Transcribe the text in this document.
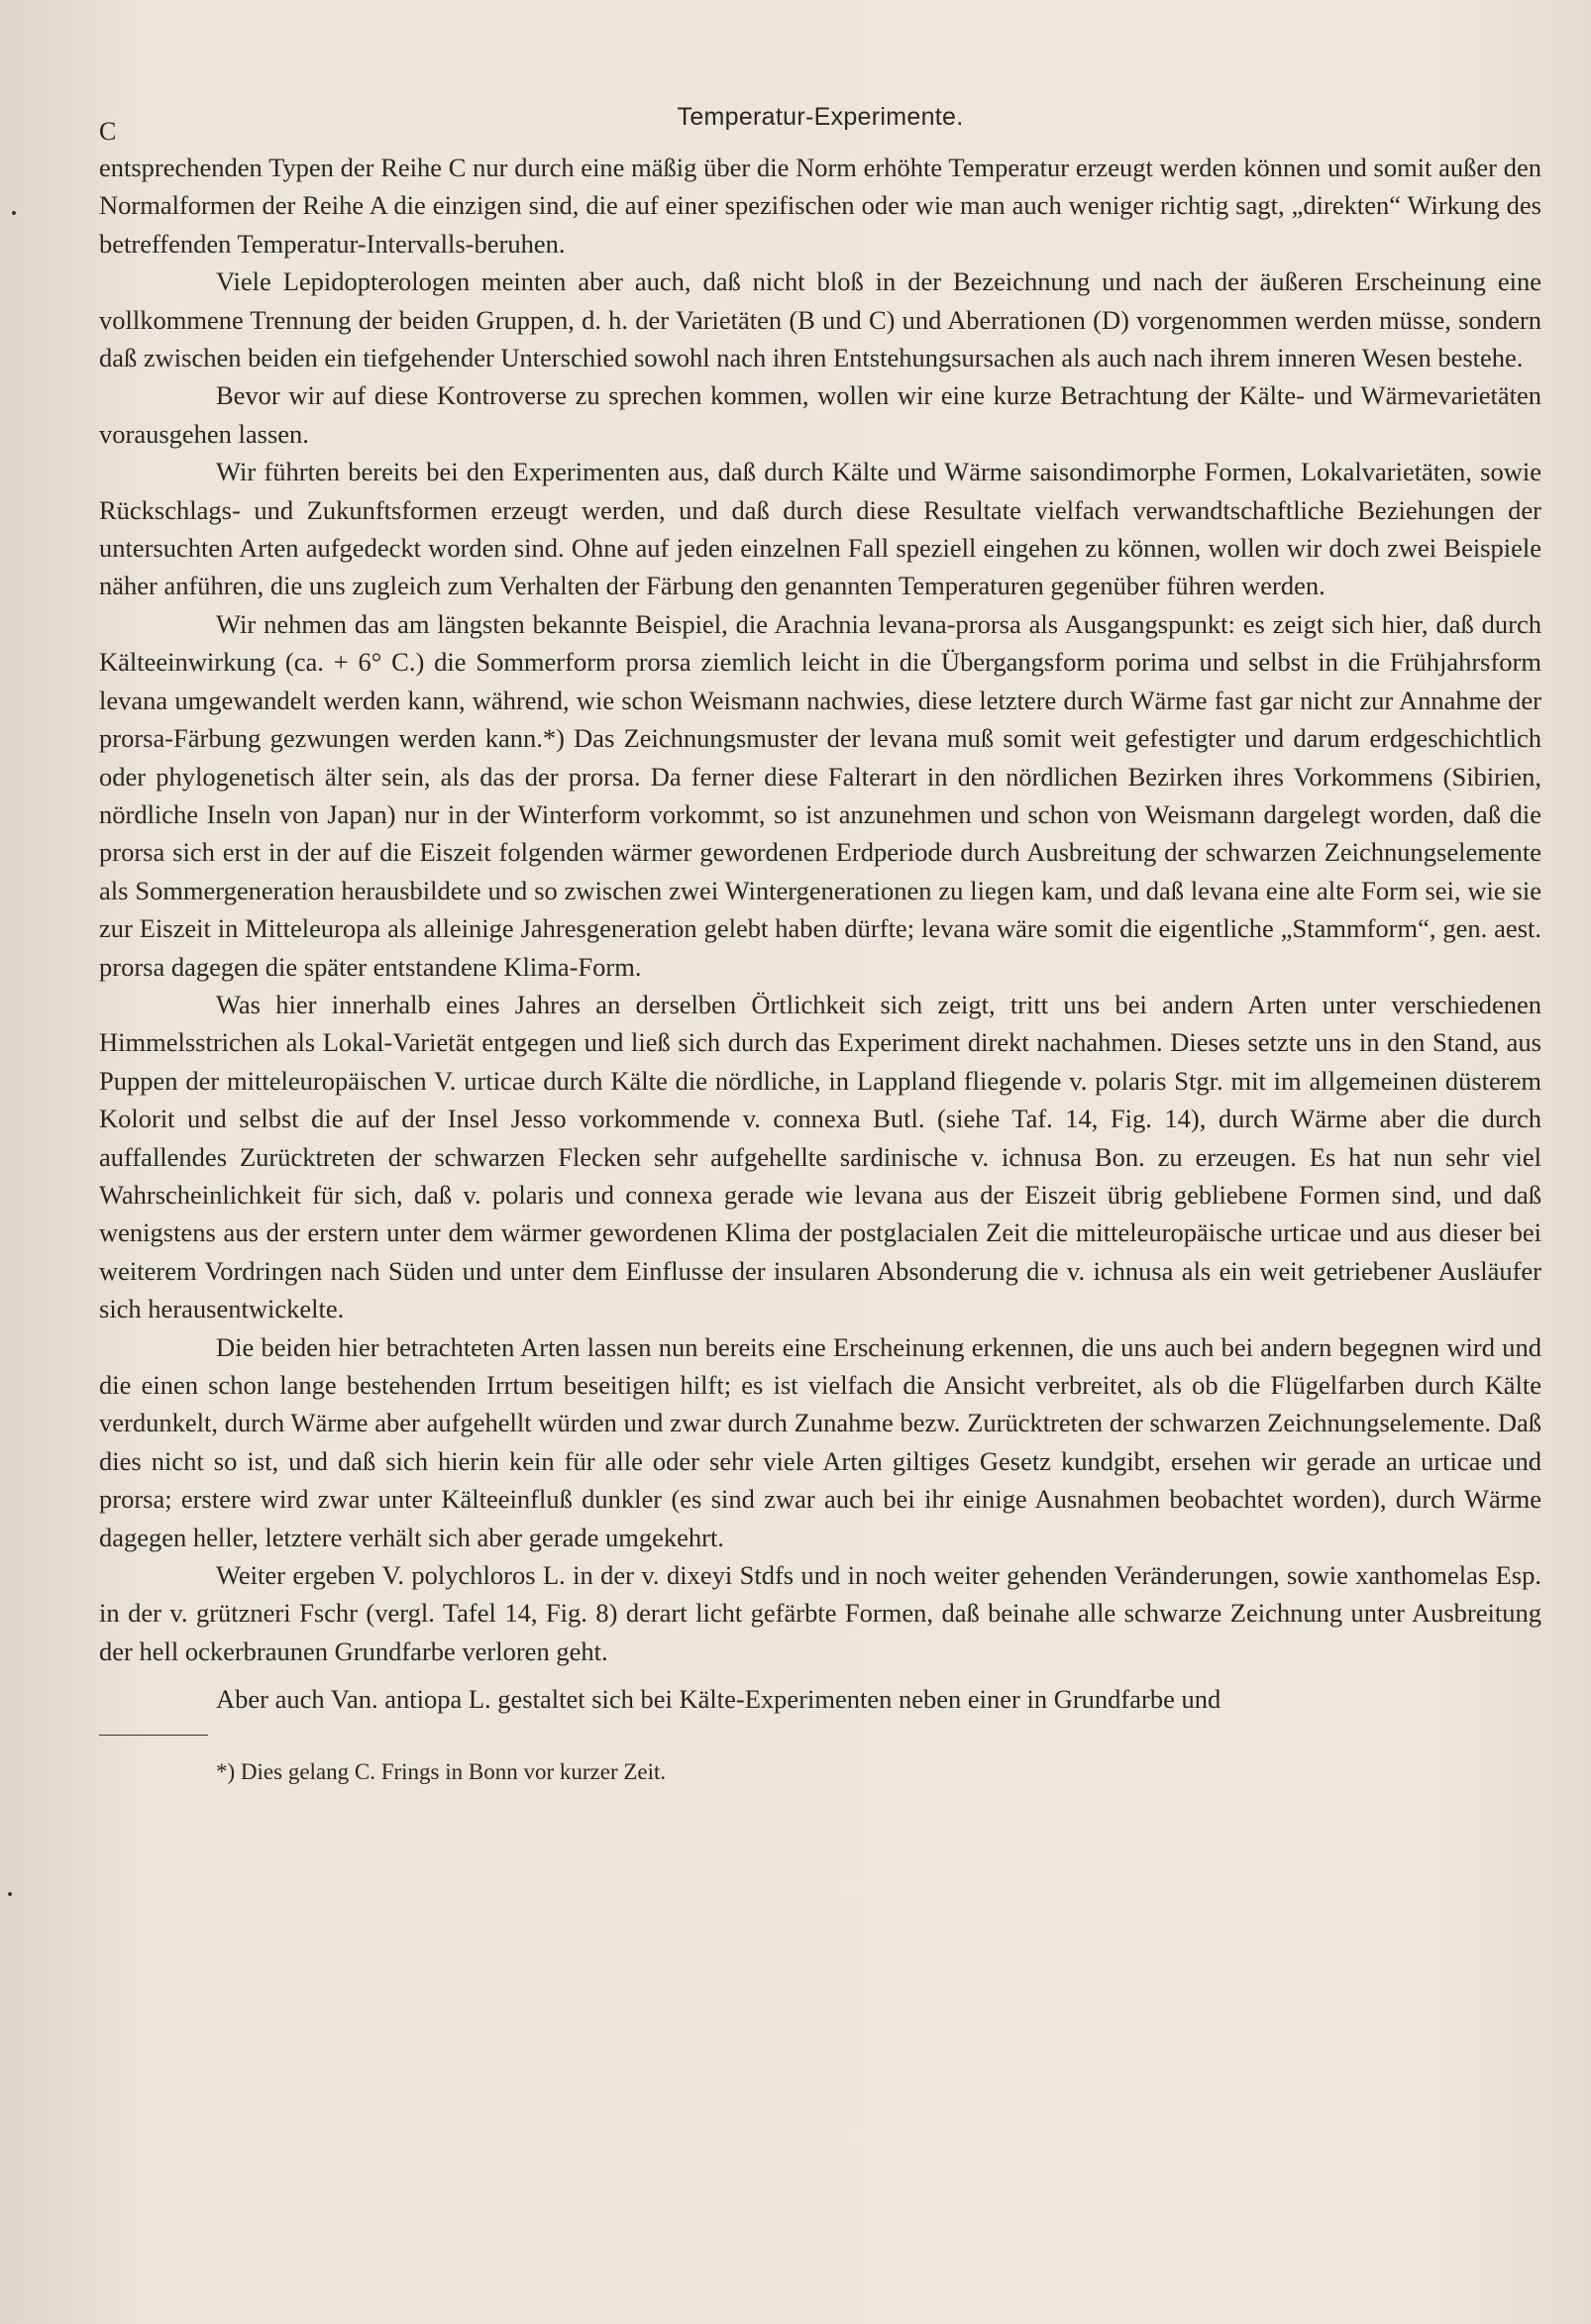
C	Temperatur-Experimente.

entsprechenden Typen der Reihe C nur durch eine mäßig über die Norm erhöhte Temperatur erzeugt werden können und somit außer den Normalformen der Reihe A die einzigen sind, die auf einer spezifischen oder wie man auch weniger richtig sagt, „direkten“ Wirkung des betreffenden Temperatur-Intervalls-beruhen.

Viele Lepidopterologen meinten aber auch, daß nicht bloß in der Bezeichnung und nach der äußeren Erscheinung eine vollkommene Trennung der beiden Gruppen, d. h. der Varietäten (B und C) und Aberrationen (D) vorgenommen werden müsse, sondern daß zwischen beiden ein tiefgehender Unterschied sowohl nach ihren Entstehungsursachen als auch nach ihrem inneren Wesen bestehe.

Bevor wir auf diese Kontroverse zu sprechen kommen, wollen wir eine kurze Betrachtung der Kälte- und Wärmevarietäten vorausgehen lassen.

Wir führten bereits bei den Experimenten aus, daß durch Kälte und Wärme saisondimorphe Formen, Lokalvarietäten, sowie Rückschlags- und Zukunftsformen erzeugt werden, und daß durch diese Resultate vielfach verwandtschaftliche Beziehungen der untersuchten Arten aufgedeckt worden sind. Ohne auf jeden einzelnen Fall speziell eingehen zu können, wollen wir doch zwei Beispiele näher anführen, die uns zugleich zum Verhalten der Färbung den genannten Temperaturen gegenüber führen werden.

Wir nehmen das am längsten bekannte Beispiel, die Arachnia levana-prorsa als Ausgangspunkt: es zeigt sich hier, daß durch Kälteeinwirkung (ca. + 6° C.) die Sommerform prorsa ziemlich leicht in die Übergangsform porima und selbst in die Frühjahrsform levana umgewandelt werden kann, während, wie schon Weismann nachwies, diese letztere durch Wärme fast gar nicht zur Annahme der prorsa-Färbung gezwungen werden kann.*) Das Zeichnungsmuster der levana muß somit weit gefestigter und darum erdgeschichtlich oder phylogenetisch älter sein, als das der prorsa. Da ferner diese Falterart in den nördlichen Bezirken ihres Vorkommens (Sibirien, nördliche Inseln von Japan) nur in der Winterform vorkommt, so ist anzunehmen und schon von Weismann dargelegt worden, daß die prorsa sich erst in der auf die Eiszeit folgenden wärmer gewordenen Erdperiode durch Ausbreitung der schwarzen Zeichnungselemente als Sommergeneration herausbildete und so zwischen zwei Wintergenerationen zu liegen kam, und daß levana eine alte Form sei, wie sie zur Eiszeit in Mitteleuropa als alleinige Jahresgeneration gelebt haben dürfte; levana wäre somit die eigentliche „Stammform“, gen. aest. prorsa dagegen die später entstandene Klima-Form.

Was hier innerhalb eines Jahres an derselben Örtlichkeit sich zeigt, tritt uns bei andern Arten unter verschiedenen Himmelsstrichen als Lokal-Varietät entgegen und ließ sich durch das Experiment direkt nachahmen. Dieses setzte uns in den Stand, aus Puppen der mitteleuropäischen V. urticae durch Kälte die nördliche, in Lappland fliegende v. polaris Stgr. mit im allgemeinen düsterem Kolorit und selbst die auf der Insel Jesso vorkommende v. connexa Butl. (siehe Taf. 14, Fig. 14), durch Wärme aber die durch auffallendes Zurücktreten der schwarzen Flecken sehr aufgehellte sardinische v. ichnusa Bon. zu erzeugen. Es hat nun sehr viel Wahrscheinlichkeit für sich, daß v. polaris und connexa gerade wie levana aus der Eiszeit übrig gebliebene Formen sind, und daß wenigstens aus der erstern unter dem wärmer gewordenen Klima der postglacialen Zeit die mitteleuropäische urticae und aus dieser bei weiterem Vordringen nach Süden und unter dem Einflusse der insularen Absonderung die v. ichnusa als ein weit getriebener Ausläufer sich herausentwickelte.

Die beiden hier betrachteten Arten lassen nun bereits eine Erscheinung erkennen, die uns auch bei andern begegnen wird und die einen schon lange bestehenden Irrtum beseitigen hilft; es ist vielfach die Ansicht verbreitet, als ob die Flügelfarben durch Kälte verdunkelt, durch Wärme aber aufgehellt würden und zwar durch Zunahme bezw. Zurücktreten der schwarzen Zeichnungselemente. Daß dies nicht so ist, und daß sich hierin kein für alle oder sehr viele Arten giltiges Gesetz kundgibt, ersehen wir gerade an urticae und prorsa; erstere wird zwar unter Kälteeinfluß dunkler (es sind zwar auch bei ihr einige Ausnahmen beobachtet worden), durch Wärme dagegen heller, letztere verhält sich aber gerade umgekehrt.

Weiter ergeben V. polychloros L. in der v. dixeyi Stdfs und in noch weiter gehenden Veränderungen, sowie xanthomelas Esp. in der v. grützneri Fschr (vergl. Tafel 14, Fig. 8) derart licht gefärbte Formen, daß beinahe alle schwarze Zeichnung unter Ausbreitung der hell ockerbraunen Grundfarbe verloren geht.

Aber auch Van. antiopa L. gestaltet sich bei Kälte-Experimenten neben einer in Grundfarbe und

*) Dies gelang C. Frings in Bonn vor kurzer Zeit.
